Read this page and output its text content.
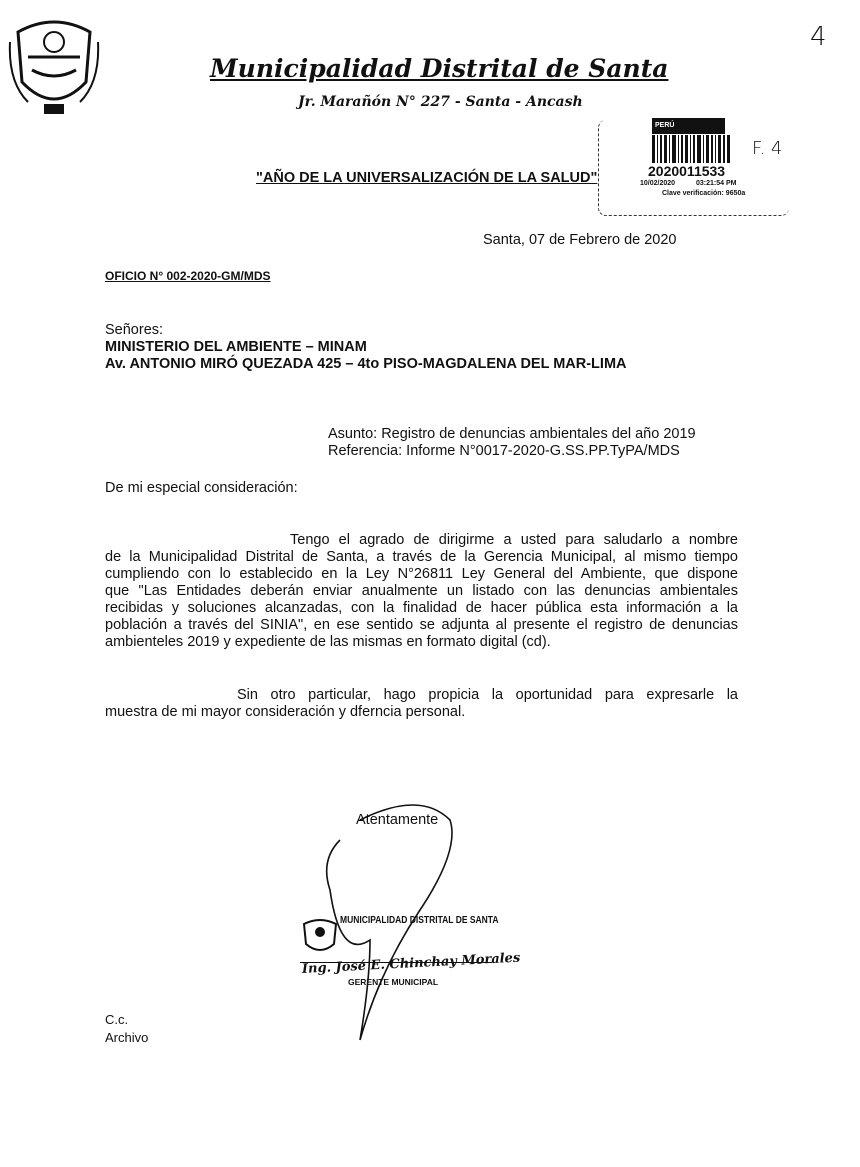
Municipalidad Distrital de Santa
Jr. Marañón N° 227 - Santa - Ancash
4
"AÑO DE LA UNIVERSALIZACIÓN DE LA SALUD"
PERÚ
2020011533
10/02/2020	03:21:54 PM
Clave verificación: 9650a
F. 4
Santa, 07 de Febrero de 2020
OFICIO N° 002-2020-GM/MDS
Señores:
MINISTERIO DEL AMBIENTE – MINAM
Av. ANTONIO MIRÓ QUEZADA 425 – 4to PISO-MAGDALENA DEL MAR-LIMA
Asunto: Registro de denuncias ambientales del año 2019
Referencia: Informe N°0017-2020-G.SS.PP.TyPA/MDS
De mi especial consideración:
Tengo el agrado de dirigirme a usted para saludarlo a nombre
de la Municipalidad Distrital de Santa, a través de la Gerencia Municipal, al mismo tiempo
cumpliendo con lo establecido en la Ley N°26811 Ley General del Ambiente, que dispone
que "Las Entidades deberán enviar anualmente un listado con las denuncias ambientales
recibidas y soluciones alcanzadas, con la finalidad de hacer pública esta información a la
población a través del SINIA", en ese sentido se adjunta al presente el registro de denuncias
ambienteles 2019 y expediente de las mismas en formato digital (cd).
Sin otro particular, hago propicia la oportunidad para expresarle la
muestra de mi mayor consideración y dferncia personal.
Atentamente
MUNICIPALIDAD DISTRITAL DE SANTA
Ing. José E. Chinchay Morales
GERENTE MUNICIPAL
C.c.
Archivo
